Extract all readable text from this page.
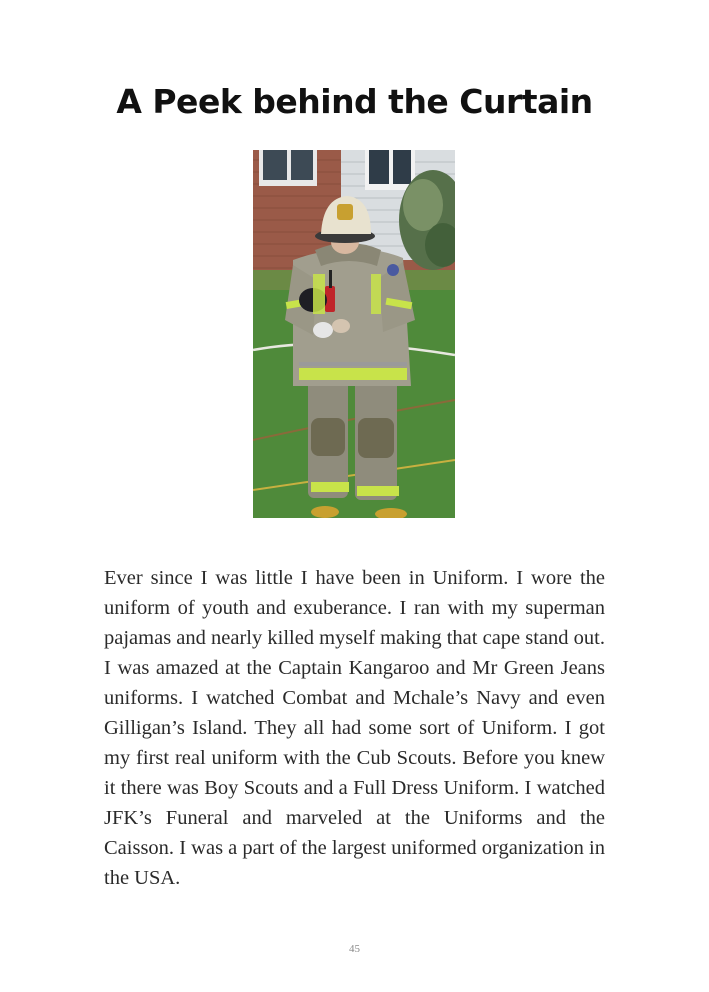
A Peek behind the Curtain

Ever since I was little I have been in Uniform. I wore the uniform of youth and exuberance. I ran with my superman pajamas and nearly killed myself making that cape stand out. I was amazed at the Captain Kangaroo and Mr Green Jeans uniforms. I watched Combat and Mchale’s Navy and even Gilligan’s Island. They all had some sort of Uniform. I got my first real uniform with the Cub Scouts. Before you knew it there was Boy Scouts and a Full Dress Uniform. I watched JFK’s Funeral and marveled at the Uniforms and the Caisson. I was a part of the largest uniformed organization in the USA.

45
